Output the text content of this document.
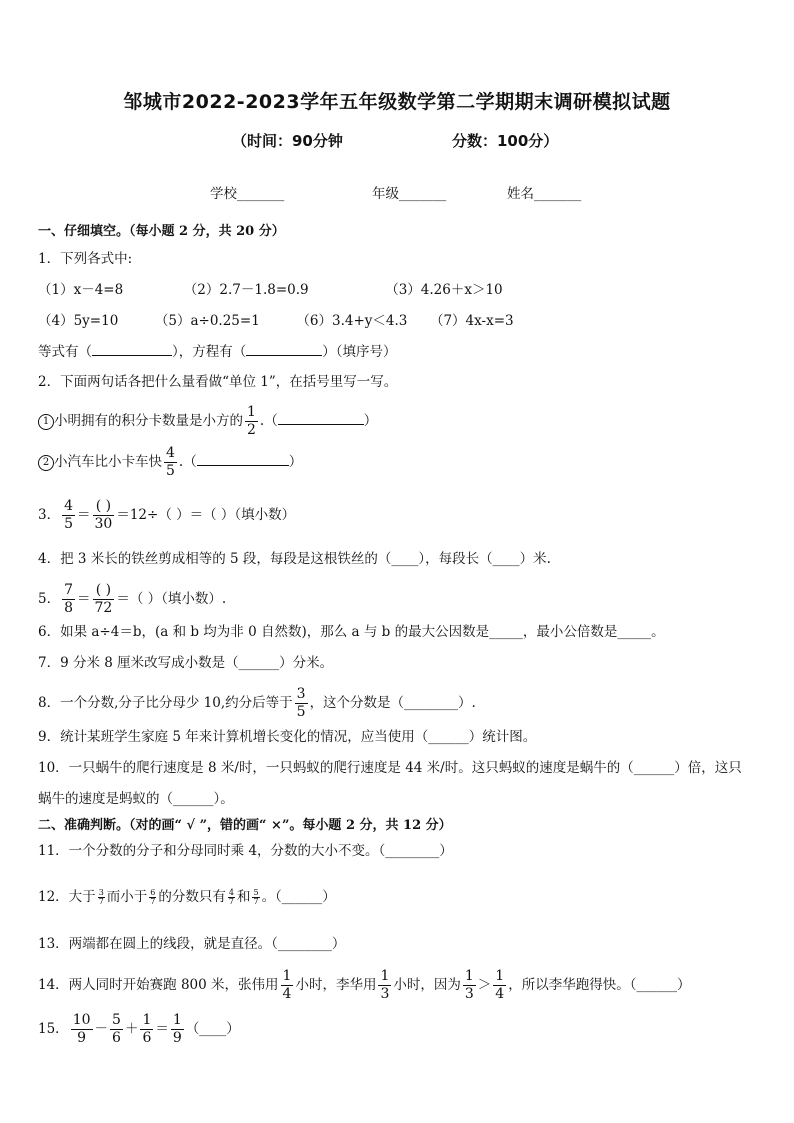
邹城市2022-2023学年五年级数学第二学期期末调研模拟试题
（时间：90分钟	分数：100分）
学校_______	年级_______	姓名_______
一、仔细填空。（每小题 2 分，共 20 分）
1．下列各式中:
（1）x－4=8	（2）2.7－1.8=0.9	（3）4.26＋x＞10
（4）5y=10	（5）a÷0.25=1	（6）3.4+y＜4.3 （7）4x-x=3
等式有（	），方程有（	）（填序号）
2．下面两句话各把什么量看做“单位 1”，在括号里写一写。
1 小明拥有的积分卡数量是小方的 $\frac{1}{2}$ .（	）
2 小汽车比小卡车快 $\frac{4}{5}$ .（	）
3． $\frac{4}{5} = \frac{( )}{30} =12\div$（ ）＝（ ）（填小数）
4．把 3 米长的铁丝剪成相等的 5 段，每段是这根铁丝的（____），每段长（____）米.
5． $\frac{7}{8} = \frac{( )}{72}$ ＝（ ）（填小数）.
6．如果 a÷4＝b，(a 和 b 均为非 0 自然数)，那么 a 与 b 的最大公因数是_____，最小公倍数是_____。
7．9 分米 8 厘米改写成小数是（______）分米。
8．一个分数,分子比分母少 10,约分后等于 $\frac{3}{5}$ ，这个分数是（________）.
9．统计某班学生家庭 5 年来计算机增长变化的情况，应当使用（______）统计图。
10．一只蜗牛的爬行速度是 8 米/时，一只蚂蚁的爬行速度是 44 米/时。这只蚂蚁的速度是蜗牛的（______）倍，这只
蜗牛的速度是蚂蚁的（______）。
二、准确判断。（对的画“ √ ”，错的画“ ×”。每小题 2 分，共 12 分）
11．一个分数的分子和分母同时乘 4，分数的大小不变。（________）
12．大于 $\frac{3}{7}$ 而小于 $\frac{6}{7}$ 的分数只有 $\frac{4}{7}$ 和 $\frac{5}{7}$ 。（______）
13．两端都在圆上的线段，就是直径。（________）
14．两人同时开始赛跑 800 米，张伟用 $\frac{1}{4}$ 小时，李华用 $\frac{1}{3}$ 小时，因为 $\frac{1}{3} > \frac{1}{4}$ ，所以李华跑得快。（______）
15． $\frac{10}{9} - \frac{5}{6} + \frac{1}{6} = \frac{1}{9}$ （____）
